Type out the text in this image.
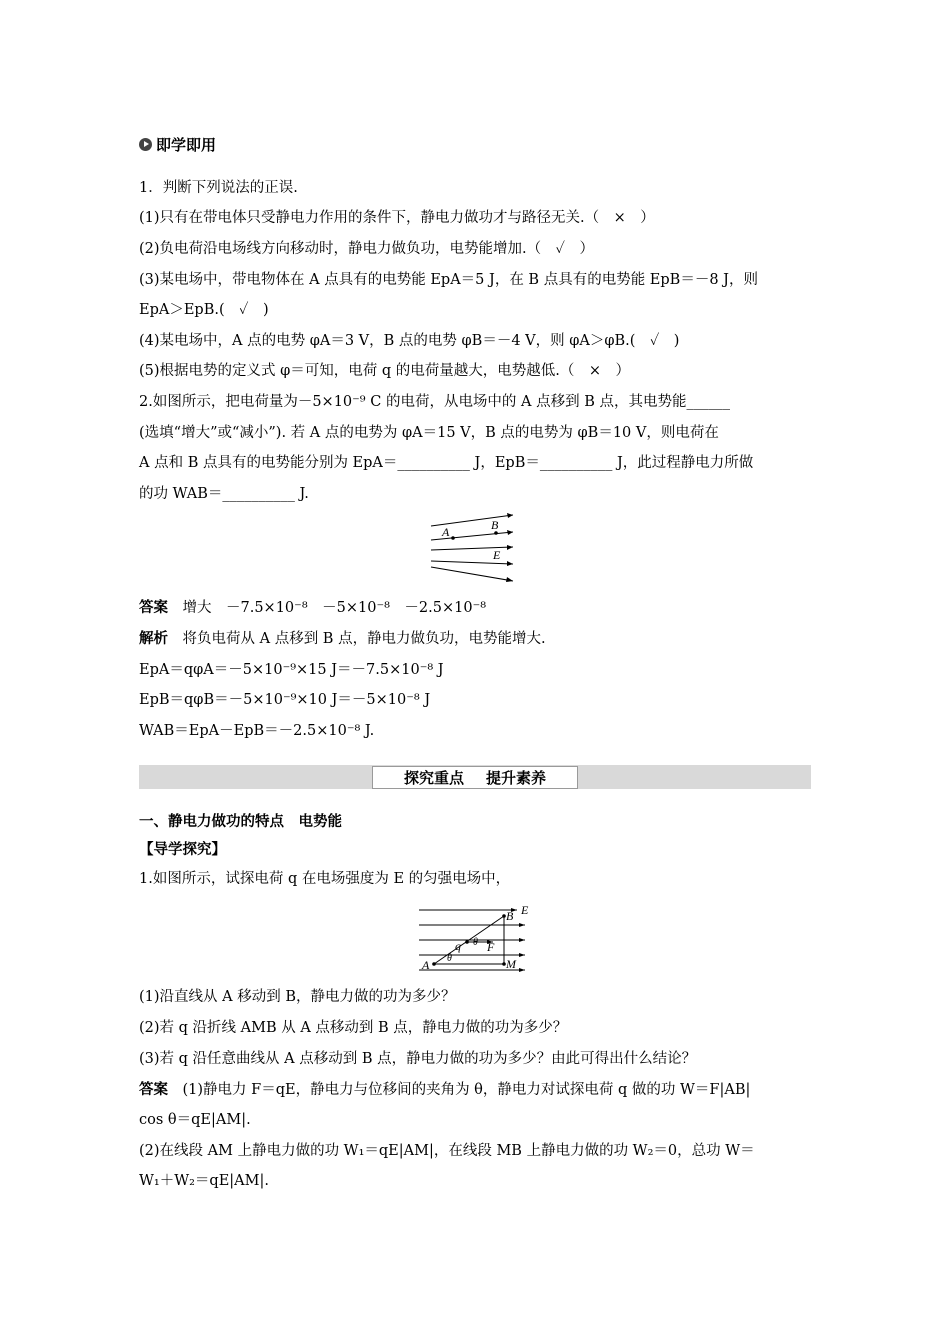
即学即用
1．判断下列说法的正误.
(1)只有在带电体只受静电力作用的条件下，静电力做功才与路径无关.（　×　）
(2)负电荷沿电场线方向移动时，静电力做负功，电势能增加.（　✓　）
(3)某电场中，带电物体在 A 点具有的电势能 EpA＝5 J，在 B 点具有的电势能 EpB＝－8 J，则
EpA＞EpB.(　✓　)
(4)某电场中，A 点的电势 φA＝3 V，B 点的电势 φB＝－4 V，则 φA＞φB.(　✓　)
(5)根据电势的定义式 φ＝可知，电荷 q 的电荷量越大，电势越低.（　×　）
2.如图所示，把电荷量为－5×10⁻⁹ C 的电荷，从电场中的 A 点移到 B 点，其电势能______
(选填“增大”或“减小”). 若 A 点的电势为 φA＝15 V，B 点的电势为 φB＝10 V，则电荷在
A 点和 B 点具有的电势能分别为 EpA＝__________ J，EpB＝__________ J，此过程静电力所做
的功 WAB＝__________ J.
A	B
E
答案　 增大　－7.5×10⁻⁸　－5×10⁻⁸　－2.5×10⁻⁸
解析　 将负电荷从 A 点移到 B 点，静电力做负功，电势能增大.
EpA＝qφA＝－5×10⁻⁹×15 J＝－7.5×10⁻⁸ J
EpB＝qφB＝－5×10⁻⁹×10 J＝－5×10⁻⁸ J
WAB＝EpA－EpB＝－2.5×10⁻⁸ J.
探究重点 提升素养
一、静电力做功的特点　电势能
【导学探究】
1.如图所示，试探电荷 q 在电场强度为 E 的匀强电场中，
B E
q θ F
A θ	M
(1)沿直线从 A 移动到 B，静电力做的功为多少？
(2)若 q 沿折线 AMB 从 A 点移动到 B 点，静电力做的功为多少？
(3)若 q 沿任意曲线从 A 点移动到 B 点，静电力做的功为多少？由此可得出什么结论？
答案　 (1)静电力 F＝qE，静电力与位移间的夹角为 θ，静电力对试探电荷 q 做的功 W＝F|AB|
cos θ＝qE|AM|.
(2)在线段 AM 上静电力做的功 W₁＝qE|AM|，在线段 MB 上静电力做的功 W₂＝0，总功 W＝
W₁＋W₂＝qE|AM|.
